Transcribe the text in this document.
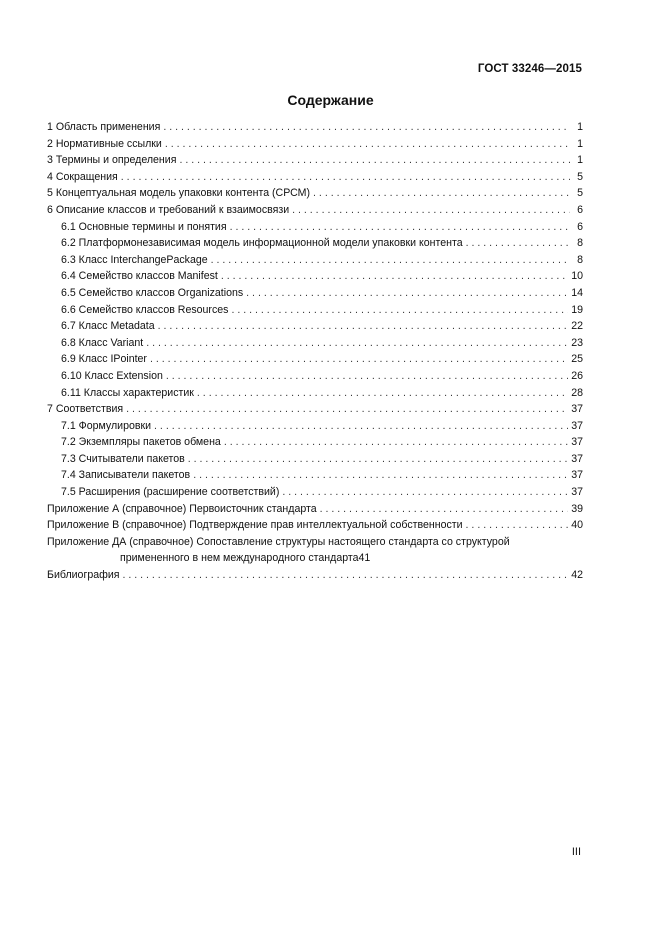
ГОСТ 33246—2015
Содержание
1 Область применения . . .	1
2 Нормативные ссылки . . .	1
3 Термины и определения . . .	1
4 Сокращения . . .	5
5 Концептуальная модель упаковки контента (СРСМ) . . .	5
6 Описание классов и требований к взаимосвязи . . .	6
6.1 Основные термины и понятия . . .	6
6.2 Платформонезависимая модель информационной модели упаковки контента . . .	8
6.3 Класс InterchangePackage . . .	8
6.4 Семейство классов Manifest . . .	10
6.5 Семейство классов Organizations . . .	14
6.6 Семейство классов Resources . . .	19
6.7 Класс Metadata . . .	22
6.8 Класс Variant . . .	23
6.9 Класс IPointer . . .	25
6.10 Класс Extension . . .	26
6.11 Классы характеристик . . .	28
7 Соответствия . . .	37
7.1 Формулировки . . .	37
7.2 Экземпляры пакетов обмена . . .	37
7.3 Считыватели пакетов . . .	37
7.4 Записыватели пакетов . . .	37
7.5 Расширения (расширение соответствий) . . .	37
Приложение А (справочное) Первоисточник стандарта . . .	39
Приложение В (справочное) Подтверждение прав интеллектуальной собственности . . .	40
Приложение ДА (справочное) Сопоставление структуры настоящего стандарта со структурой
примененного в нем международного стандарта 41
Библиография . . .	42
III
